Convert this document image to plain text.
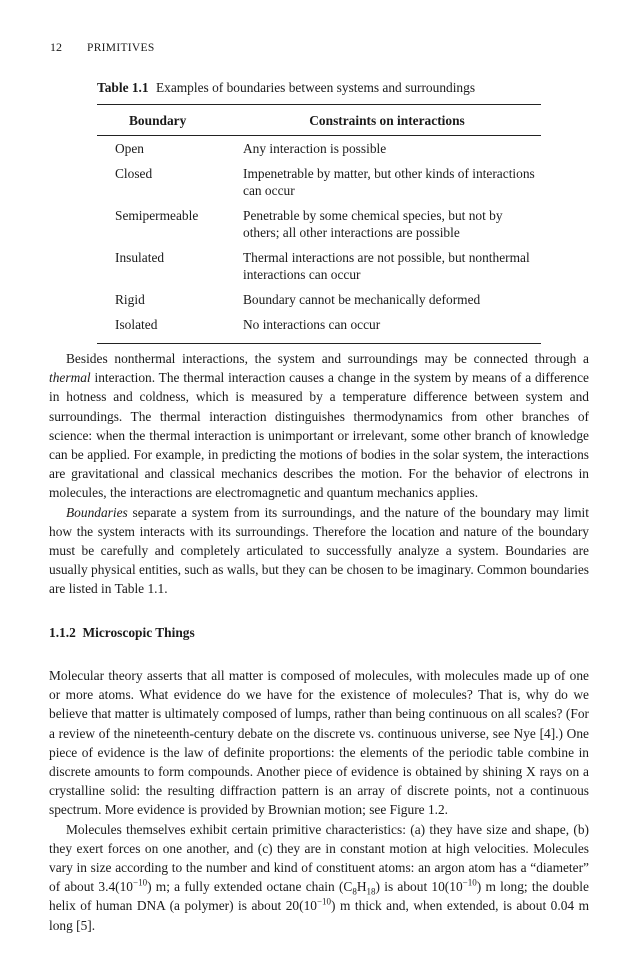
12 PRIMITIVES
Table 1.1 Examples of boundaries between systems and surroundings
Boundary	Constraints on interactions
Open	Any interaction is possible
Closed	Impenetrable by matter, but other kinds of interactions can occur
Semipermeable	Penetrable by some chemical species, but not by others; all other interactions are possible
Insulated	Thermal interactions are not possible, but nonthermal interactions can occur
Rigid	Boundary cannot be mechanically deformed
Isolated	No interactions can occur

Besides nonthermal interactions, the system and surroundings may be connected through a thermal interaction. The thermal interaction causes a change in the system by means of a difference in hotness and coldness, which is measured by a temperature difference between system and surroundings. The thermal interaction distinguishes thermodynamics from other branches of science: when the thermal interaction is unimportant or irrelevant, some other branch of knowledge can be applied. For example, in predicting the motions of bodies in the solar system, the interactions are gravitational and classical mechanics describes the motion. For the behavior of electrons in molecules, the interactions are electromagnetic and quantum mechanics applies.

Boundaries separate a system from its surroundings, and the nature of the boundary may limit how the system interacts with its surroundings. Therefore the location and nature of the boundary must be carefully and completely articulated to successfully analyze a system. Boundaries are usually physical entities, such as walls, but they can be chosen to be imaginary. Common boundaries are listed in Table 1.1.

1.1.2 Microscopic Things

Molecular theory asserts that all matter is composed of molecules, with molecules made up of one or more atoms. What evidence do we have for the existence of molecules? That is, why do we believe that matter is ultimately composed of lumps, rather than being continuous on all scales? (For a review of the nineteenth-century debate on the discrete vs. continuous universe, see Nye [4].) One piece of evidence is the law of definite proportions: the elements of the periodic table combine in discrete amounts to form compounds. Another piece of evidence is obtained by shining X rays on a crystalline solid: the resulting diffraction pattern is an array of discrete points, not a continuous spectrum. More evidence is provided by Brownian motion; see Figure 1.2.

Molecules themselves exhibit certain primitive characteristics: (a) they have size and shape, (b) they exert forces on one another, and (c) they are in constant motion at high velocities. Molecules vary in size according to the number and kind of constituent atoms: an argon atom has a “diameter” of about $3.4(10^{-10})$ m; a fully extended octane chain $(C_8H_{18})$ is about $10(10^{-10})$ m long; the double helix of human DNA (a polymer) is about $20(10^{-10})$ m thick and, when extended, is about 0.04 m long [5].
